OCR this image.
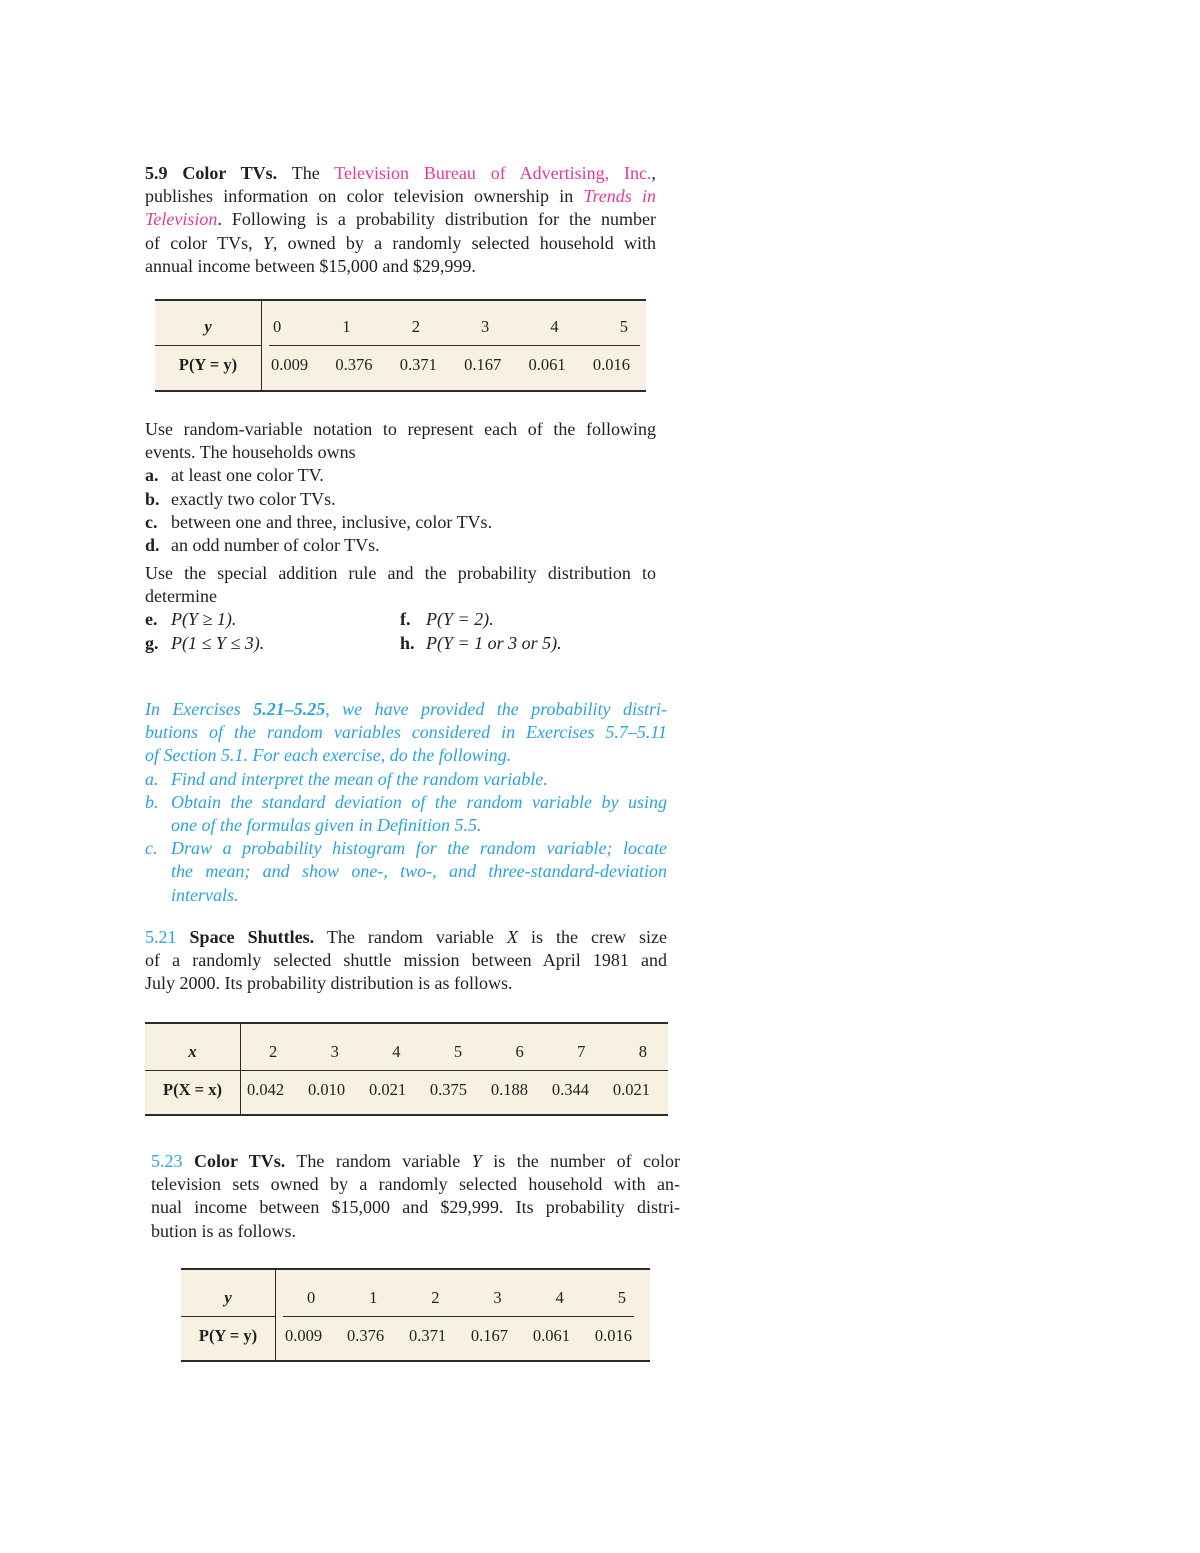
5.9 Color TVs. The Television Bureau of Advertising, Inc.,

publishes information on color television ownership in Trends in

Television. Following is a probability distribution for the number

of color TVs, Y, owned by a randomly selected household with

annual income between $15,000 and $29,999.

y	0	1	2	3	4	5
P(Y = y)	0.009 0.376 0.371 0.167 0.061 0.016

Use random-variable notation to represent each of the following

events. The households owns

a. at least one color TV.

b. exactly two color TVs.

c. between one and three, inclusive, color TVs.

d. an odd number of color TVs.

Use the special addition rule and the probability distribution to

determine

e. P(Y ≥ 1).	f. P(Y = 2).
g. P(1 ≤ Y ≤ 3).	h. P(Y = 1 or 3 or 5).

In Exercises 5.21–5.25, we have provided the probability distri-

butions of the random variables considered in Exercises 5.7–5.11

of Section 5.1. For each exercise, do the following.

a. Find and interpret the mean of the random variable.
b. Obtain the standard deviation of the random variable by using

one of the formulas given in Definition 5.5.

c. Draw a probability histogram for the random variable; locate

the mean; and show one-, two-, and three-standard-deviation

intervals.

5.21 Space Shuttles. The random variable X is the crew size

of a randomly selected shuttle mission between April 1981 and

July 2000. Its probability distribution is as follows.

x	2	3	4	5	6	7	8
P(X = x)	0.042 0.010 0.021 0.375 0.188 0.344 0.021

5.23 Color TVs. The random variable Y is the number of color

television sets owned by a randomly selected household with an-

nual income between $15,000 and $29,999. Its probability distri-

bution is as follows.

y	0	1	2	3	4	5
P(Y = y)	0.009 0.376 0.371 0.167 0.061 0.016
